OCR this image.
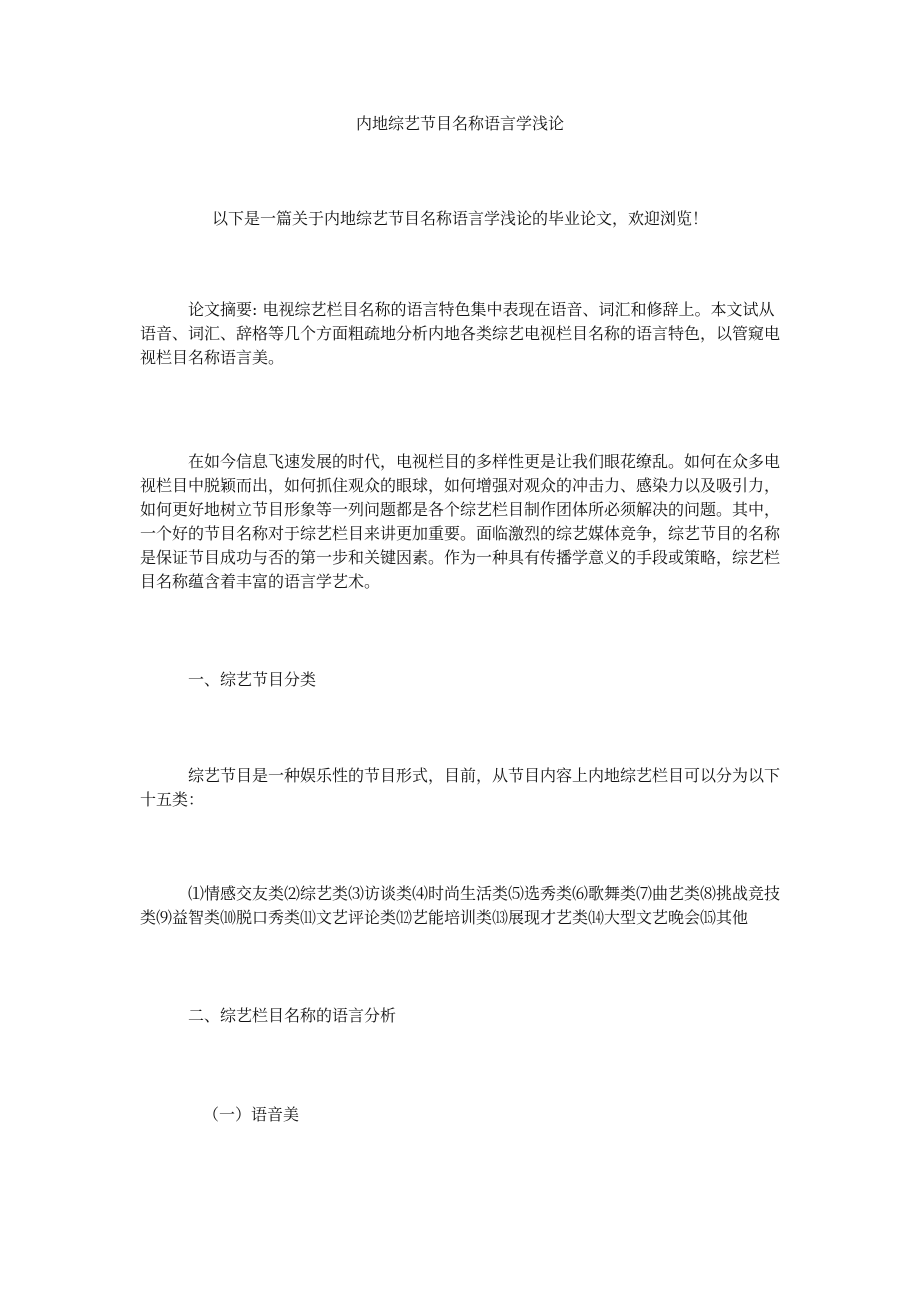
内地综艺节目名称语言学浅论

以下是一篇关于内地综艺节目名称语言学浅论的毕业论文，欢迎浏览！

论文摘要: 电视综艺栏目名称的语言特色集中表现在语音、词汇和修辞上。本文试从语音、词汇、辞格等几个方面粗疏地分析内地各类综艺电视栏目名称的语言特色，以管窥电视栏目名称语言美。

在如今信息飞速发展的时代，电视栏目的多样性更是让我们眼花缭乱。如何在众多电视栏目中脱颖而出，如何抓住观众的眼球，如何增强对观众的冲击力、感染力以及吸引力，如何更好地树立节目形象等一列问题都是各个综艺栏目制作团体所必须解决的问题。其中，一个好的节目名称对于综艺栏目来讲更加重要。面临激烈的综艺媒体竞争，综艺节目的名称是保证节目成功与否的第一步和关键因素。作为一种具有传播学意义的手段或策略，综艺栏目名称蕴含着丰富的语言学艺术。

一、综艺节目分类

综艺节目是一种娱乐性的节目形式，目前，从节目内容上内地综艺栏目可以分为以下十五类：

⑴情感交友类⑵综艺类⑶访谈类⑷时尚生活类⑸选秀类⑹歌舞类⑺曲艺类⑻挑战竞技类⑼益智类⑽脱口秀类⑾文艺评论类⑿艺能培训类⒀展现才艺类⒁大型文艺晚会⒂其他

二、综艺栏目名称的语言分析

（一）语音美
